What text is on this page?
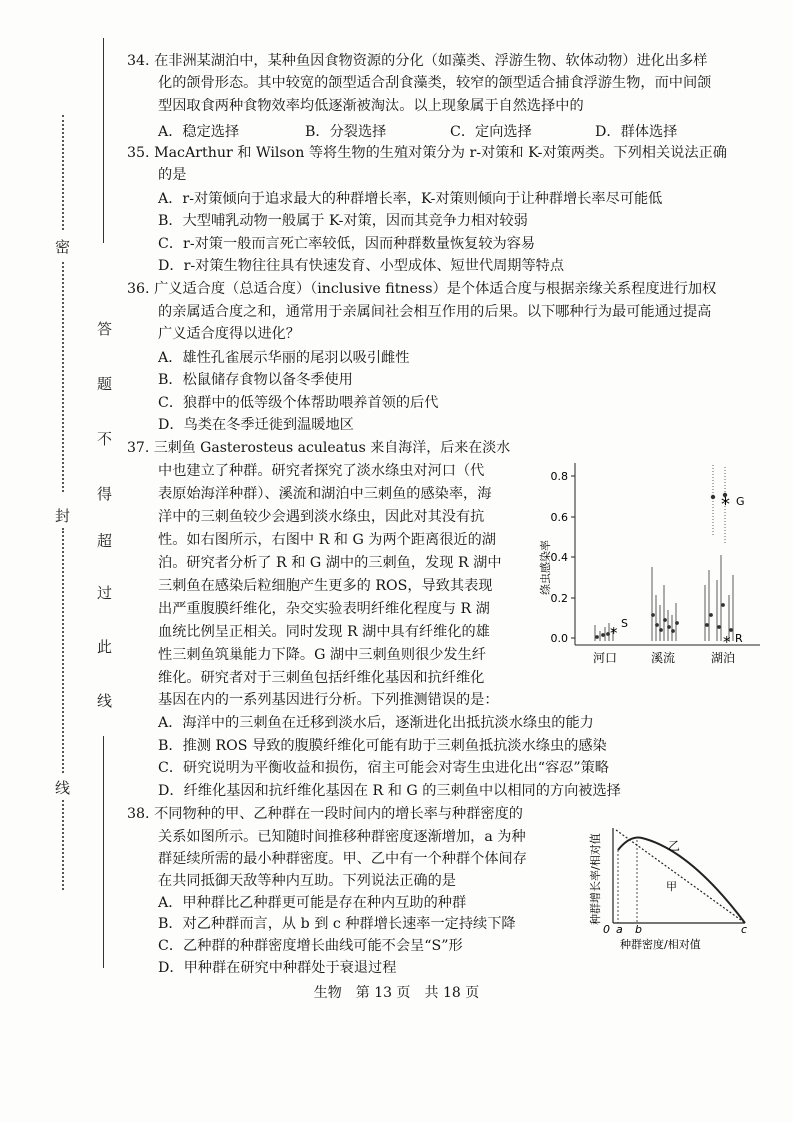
密
封
线
答
题
不
得
超
过
此
线
34. 在非洲某湖泊中，某种鱼因食物资源的分化（如藻类、浮游生物、软体动物）进化出多样
化的颌骨形态。其中较宽的颌型适合刮食藻类，较窄的颌型适合捕食浮游生物，而中间颌
型因取食两种食物效率均低逐渐被淘汰。以上现象属于自然选择中的
A．稳定选择	B．分裂选择	C．定向选择	D．群体选择
35. MacArthur 和 Wilson 等将生物的生殖对策分为 r-对策和 K-对策两类。下列相关说法正确
的是
A．r-对策倾向于追求最大的种群增长率，K-对策则倾向于让种群增长率尽可能低
B．大型哺乳动物一般属于 K-对策，因而其竞争力相对较弱
C．r-对策一般而言死亡率较低，因而种群数量恢复较为容易
D．r-对策生物往往具有快速发育、小型成体、短世代周期等特点
36. 广义适合度（总适合度）（inclusive fitness）是个体适合度与根据亲缘关系程度进行加权
的亲属适合度之和，通常用于亲属间社会相互作用的后果。以下哪种行为最可能通过提高
广义适合度得以进化？
A．雄性孔雀展示华丽的尾羽以吸引雌性
B．松鼠储存食物以备冬季使用
C．狼群中的低等级个体帮助喂养首领的后代
D．鸟类在冬季迁徙到温暖地区
37. 三刺鱼 Gasterosteus aculeatus 来自海洋，后来在淡水
中也建立了种群。研究者探究了淡水绦虫对河口（代
表原始海洋种群）、溪流和湖泊中三刺鱼的感染率，海
洋中的三刺鱼较少会遇到淡水绦虫，因此对其没有抗
性。如右图所示，右图中 R 和 G 为两个距离很近的湖
泊。研究者分析了 R 和 G 湖中的三刺鱼，发现 R 湖中
三刺鱼在感染后粒细胞产生更多的 ROS，导致其表现
出严重腹膜纤维化，杂交实验表明纤维化程度与 R 湖
血统比例呈正相关。同时发现 R 湖中具有纤维化的雄
性三刺鱼筑巢能力下降。G 湖中三刺鱼则很少发生纤
维化。研究者对于三刺鱼包括纤维化基因和抗纤维化
基因在内的一系列基因进行分析。下列推测错误的是：
A．海洋中的三刺鱼在迁移到淡水后，逐渐进化出抵抗淡水绦虫的能力
B．推测 ROS 导致的腹膜纤维化可能有助于三刺鱼抵抗淡水绦虫的感染
C．研究说明为平衡收益和损伤，宿主可能会对寄生虫进化出“容忍”策略
D．纤维化基因和抗纤维化基因在 R 和 G 的三刺鱼中以相同的方向被选择
0.0
0.2
0.4
0.6
0.8
绦虫感染率
*
S
* G
* R
河口	溪流	湖泊
38. 不同物种的甲、乙种群在一段时间内的增长率与种群密度的
关系如图所示。已知随时间推移种群密度逐渐增加，a 为种
群延续所需的最小种群密度。甲、乙中有一个种群个体间存
在共同抵御天敌等种内互助。下列说法正确的是
A．甲种群比乙种群更可能是存在种内互助的种群
B．对乙种群而言，从 b 到 c 种群增长速率一定持续下降
C．乙种群的种群密度增长曲线可能不会呈“S”形
D．甲种群在研究中种群处于衰退过程
乙
甲
0 a b	c
种群密度/相对值
种群增长率/相对值
生物　第 13 页　共 18 页
